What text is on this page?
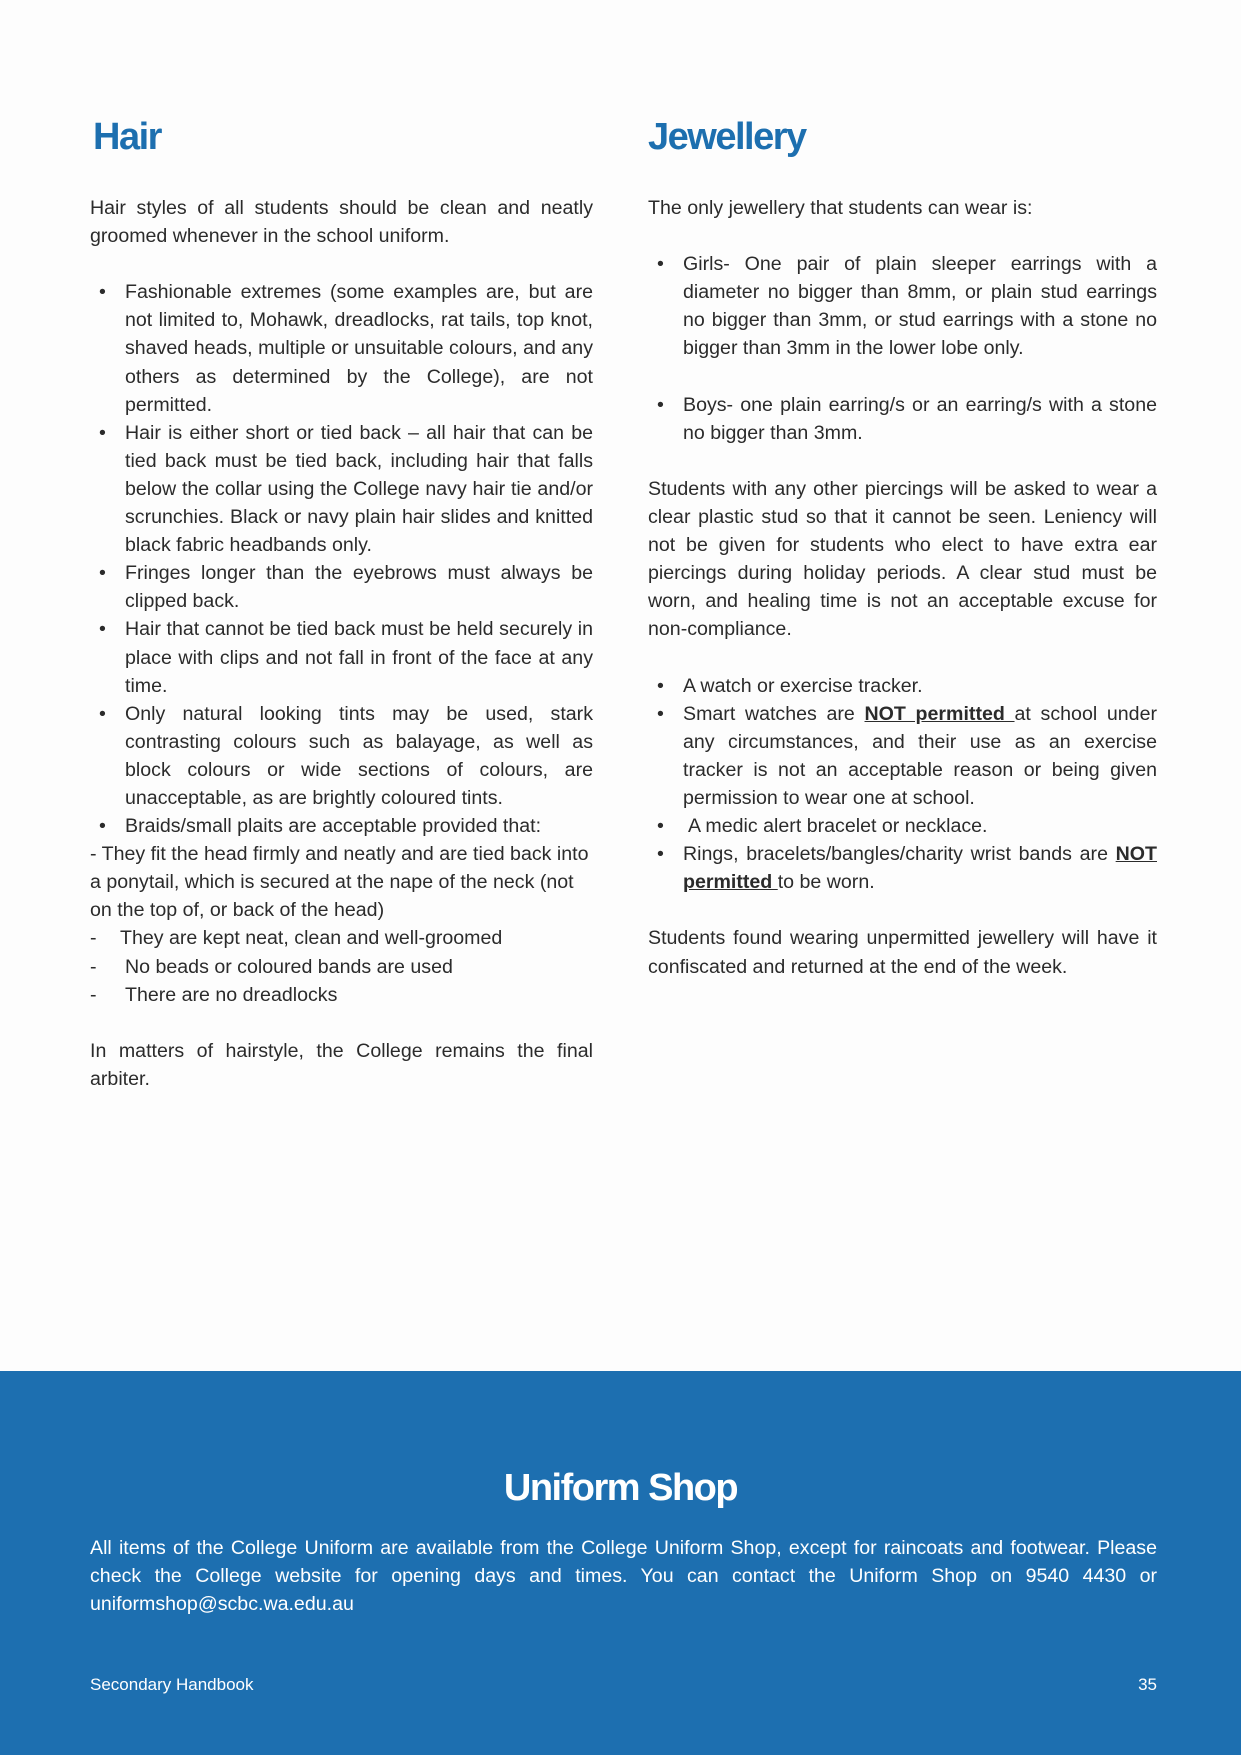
Hair

Hair styles of all students should be clean and neatly groomed whenever in the school uniform.

• Fashionable extremes (some examples are, but are not limited to, Mohawk, dreadlocks, rat tails, top knot, shaved heads, multiple or unsuitable colours, and any others as determined by the College), are not permitted.
• Hair is either short or tied back – all hair that can be tied back must be tied back, including hair that falls below the collar using the College navy hair tie and/or scrunchies. Black or navy plain hair slides and knitted black fabric headbands only.
• Fringes longer than the eyebrows must always be clipped back.
• Hair that cannot be tied back must be held securely in place with clips and not fall in front of the face at any time.
• Only natural looking tints may be used, stark contrasting colours such as balayage, as well as block colours or wide sections of colours, are unacceptable, as are brightly coloured tints.
• Braids/small plaits are acceptable provided that:

- They fit the head firmly and neatly and are tied back into a ponytail, which is secured at the nape of the neck (not on the top of, or back of the head)

- They are kept neat, clean and well-groomed
- No beads or coloured bands are used
- There are no dreadlocks

In matters of hairstyle, the College remains the final arbiter.

Jewellery

The only jewellery that students can wear is:

• Girls- One pair of plain sleeper earrings with a diameter no bigger than 8mm, or plain stud earrings no bigger than 3mm, or stud earrings with a stone no bigger than 3mm in the lower lobe only.
• Boys- one plain earring/s or an earring/s with a stone no bigger than 3mm.

Students with any other piercings will be asked to wear a clear plastic stud so that it cannot be seen. Leniency will not be given for students who elect to have extra ear piercings during holiday periods. A clear stud must be worn, and healing time is not an acceptable excuse for non-compliance.

• A watch or exercise tracker.
• Smart watches are NOT permitted at school under any circumstances, and their use as an exercise tracker is not an acceptable reason or being given permission to wear one at school.
• A medic alert bracelet or necklace.
• Rings, bracelets/bangles/charity wrist bands are NOT permitted to be worn.

Students found wearing unpermitted jewellery will have it confiscated and returned at the end of the week.

Uniform Shop

All items of the College Uniform are available from the College Uniform Shop, except for raincoats and footwear. Please check the College website for opening days and times. You can contact the Uniform Shop on 9540 4430 or uniformshop@scbc.wa.edu.au

Secondary Handbook	35
